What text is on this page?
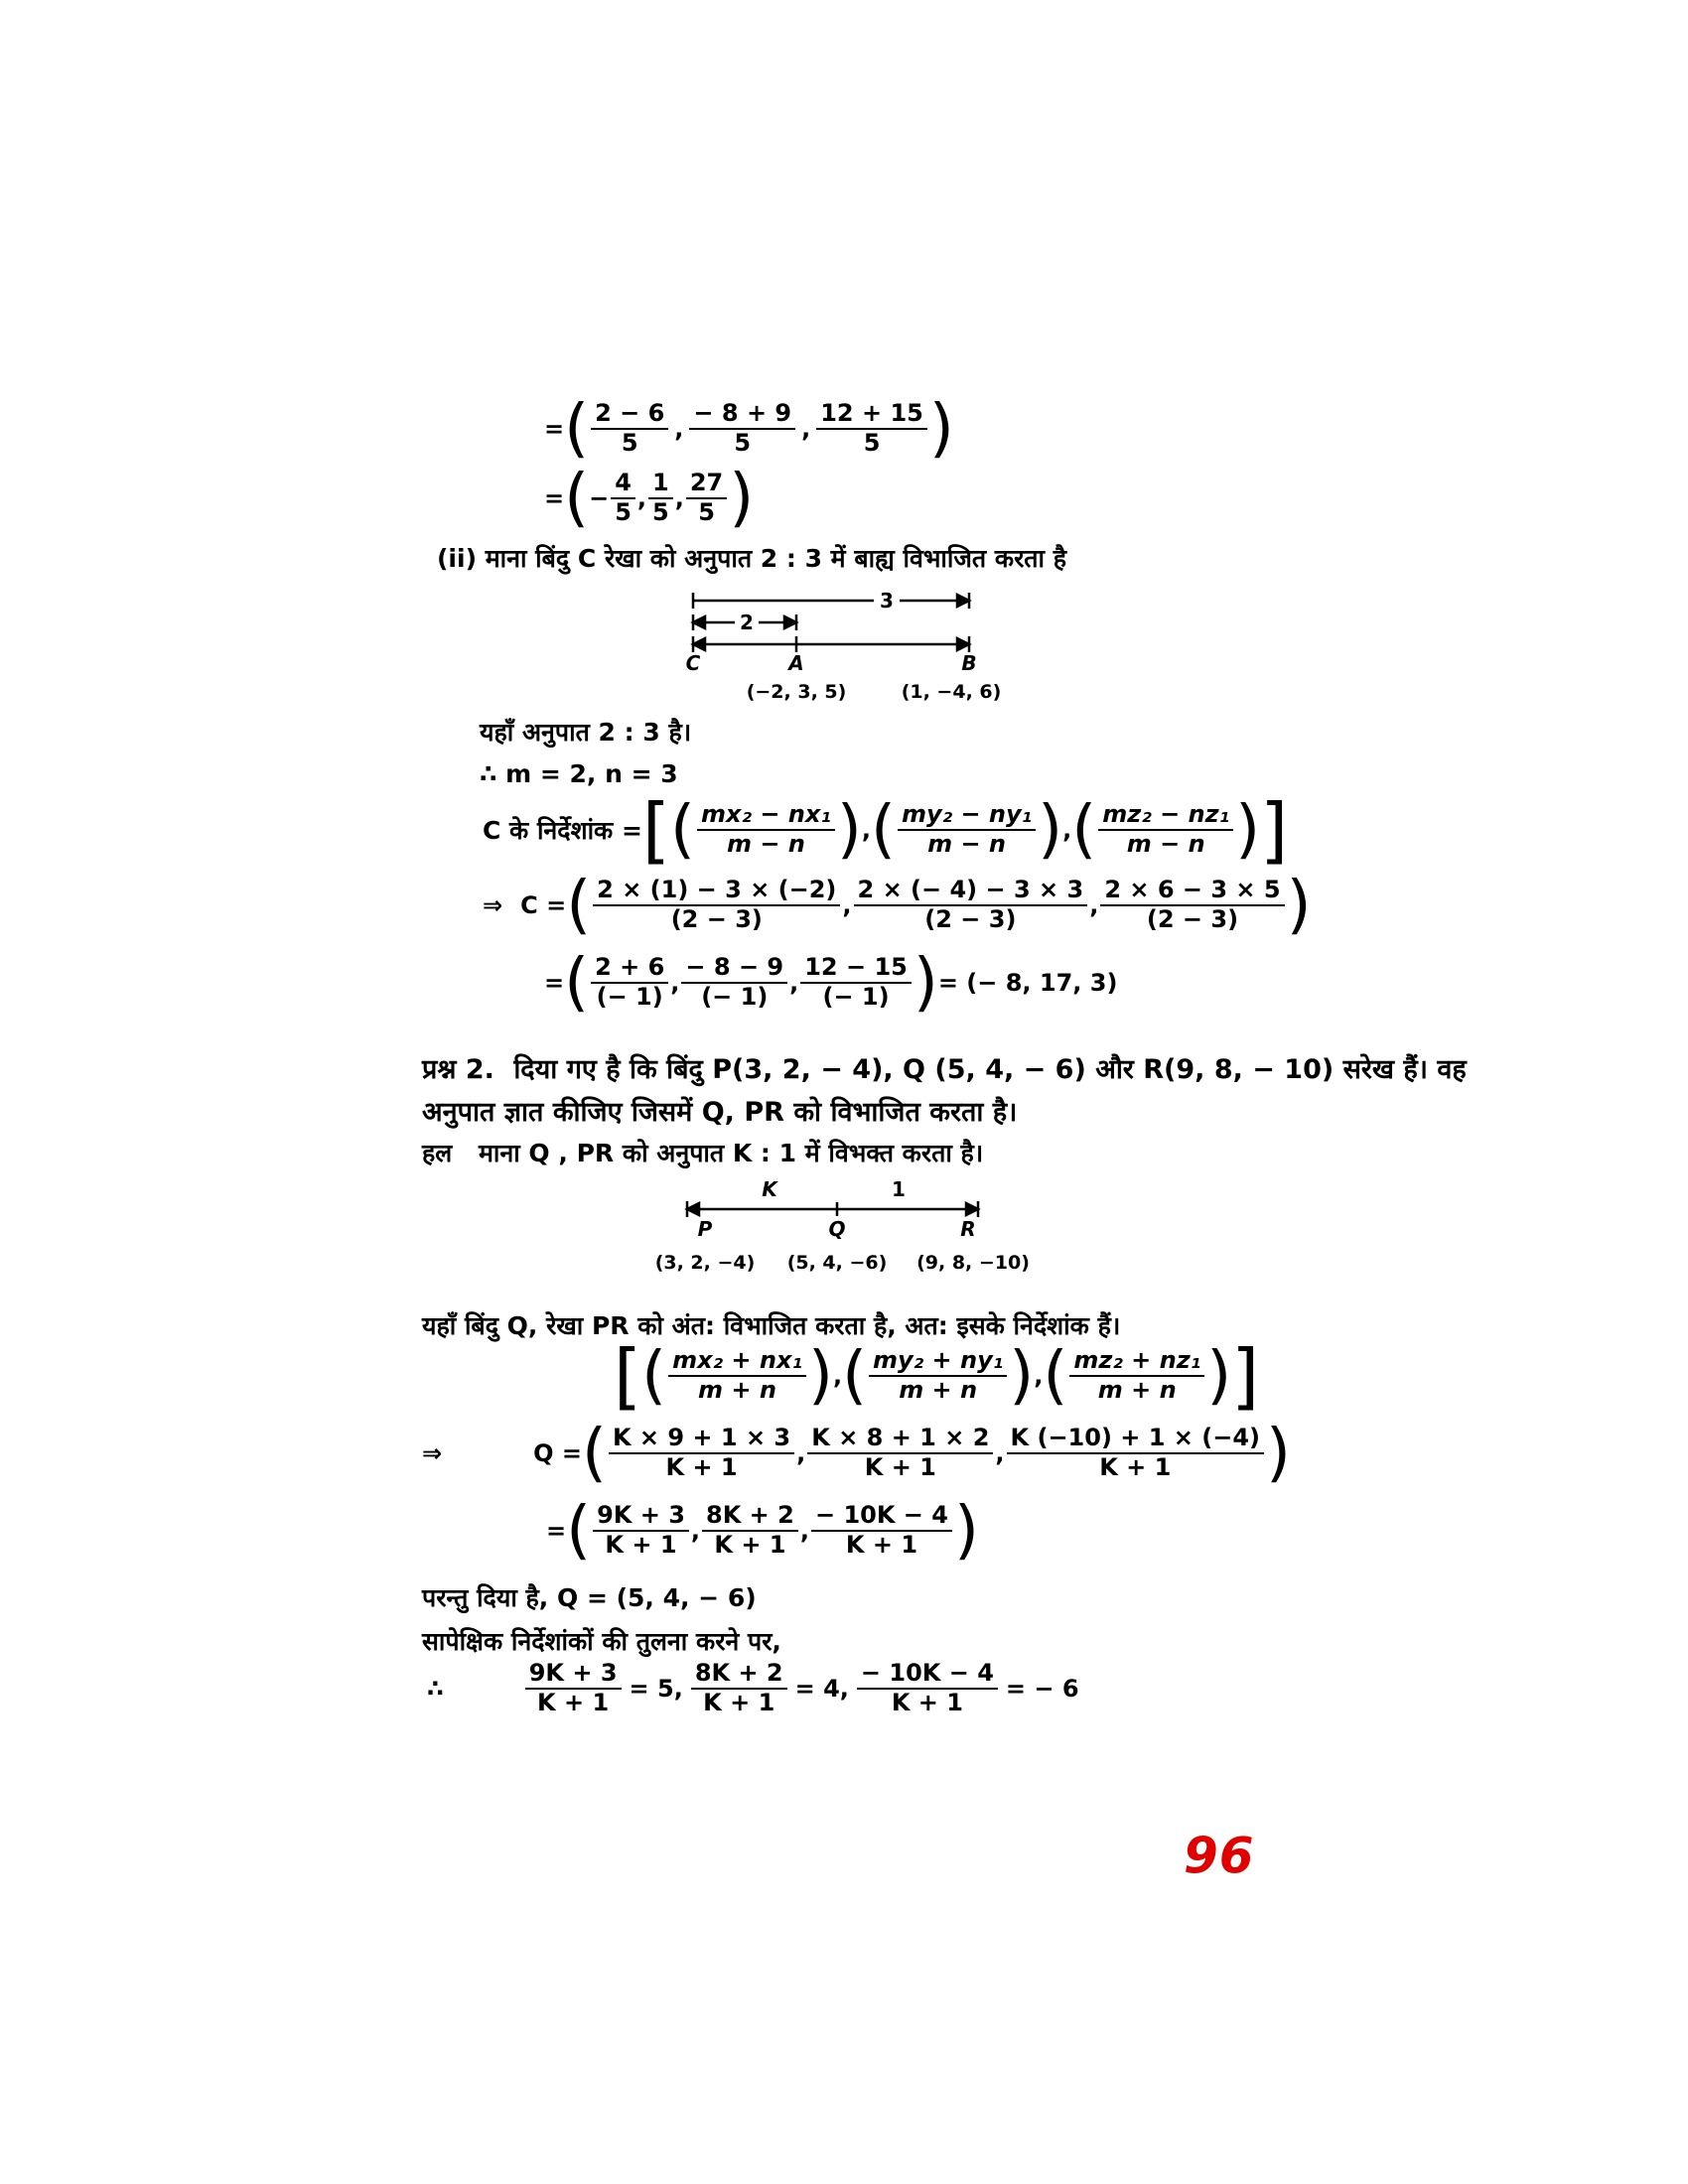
= ( $\frac{2 - 6}{5}$ , $\frac{- 8 + 9}{5}$ , $\frac{12 + 15}{5}$ )
= ( − $\frac{4}{5}$ , $\frac{1}{5}$ , $\frac{27}{5}$ )
(ii) माना बिंदु C रेखा को अनुपात 2 : 3 में बाह्य विभाजित करता है
3
2
C	A	B
(−2, 3, 5)	(1, −4, 6)
यहाँ अनुपात 2 : 3 है।
∴ m = 2, n = 3
C के निर्देशांक = [ ( $\frac{\text{mx₂ − nx₁}}{m - n}$ ) , ( $\frac{\text{my₂ − ny₁}}{m - n}$ ) , ( $\frac{\text{mz₂ − nz₁}}{m - n}$ ) ]
⇒ C = ( $\frac{2 \times (1) - 3 \times (-2)}{(2 - 3)}$ , $\frac{2 \times (- 4) - 3 \times 3}{(2 - 3)}$ , $\frac{2 \times 6 - 3 \times 5}{(2 - 3)}$ )
= ( $\frac{2 + 6}{(- 1)}$ , $\frac{- 8 - 9}{(- 1)}$ , $\frac{12 - 15}{(- 1)}$ ) = (− 8, 17, 3)
प्रश्न 2. दिया गए है कि बिंदु P(3, 2, − 4), Q (5, 4, − 6) और R(9, 8, − 10) सरेख हैं। वह
अनुपात ज्ञात कीजिए जिसमें Q, PR को विभाजित करता है।
हल माना Q , PR को अनुपात K : 1 में विभक्त करता है।
K	1
P	Q	R
(3, 2, −4) (5, 4, −6) (9, 8, −10)
यहाँ बिंदु Q, रेखा PR को अंत: विभाजित करता है, अत: इसके निर्देशांक हैं।
[ ( $\frac{\text{mx₂ + nx₁}}{m + n}$ ) , ( $\frac{\text{my₂ + ny₁}}{m + n}$ ) , ( $\frac{\text{mz₂ + nz₁}}{m + n}$ ) ]
⇒	Q = ( $\frac{K \times 9 + 1 \times 3}{K + 1}$ , $\frac{K \times 8 + 1 \times 2}{K + 1}$ , $\frac{K (-10) + 1 \times (-4)}{K + 1}$ )
= ( $\frac{9K + 3}{K + 1}$ , $\frac{8K + 2}{K + 1}$ , $\frac{- 10K - 4}{K + 1}$ )
परन्तु दिया है, Q = (5, 4, − 6)
सापेक्षिक निर्देशांकों की तुलना करने पर,
∴	$\frac{9K + 3}{K + 1} = 5$, $\frac{8K + 2}{K + 1} = 4$, $\frac{- 10K - 4}{K + 1}$ = − 6
96
